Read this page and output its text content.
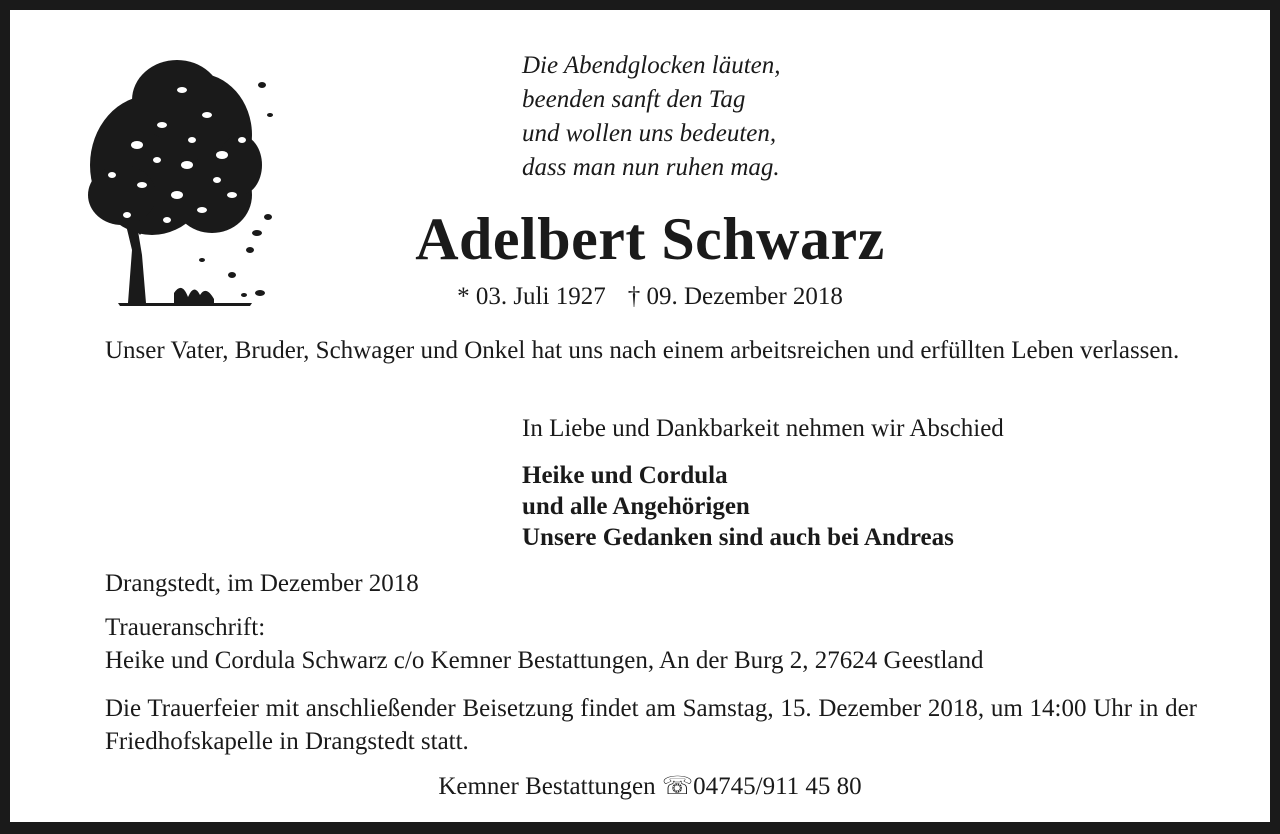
Die Abendglocken läuten,
beenden sanft den Tag
und wollen uns bedeuten,
dass man nun ruhen mag.
Adelbert Schwarz
* 03. Juli 1927 † 09. Dezember 2018
Unser Vater, Bruder, Schwager und Onkel hat uns nach einem arbeitsreichen und erfüllten Leben verlassen.
In Liebe und Dankbarkeit nehmen wir Abschied
Heike und Cordula
und alle Angehörigen
Unsere Gedanken sind auch bei Andreas
Drangstedt, im Dezember 2018
Traueranschrift:
Heike und Cordula Schwarz c/o Kemner Bestattungen, An der Burg 2, 27624 Geestland
Die Trauerfeier mit anschließender Beisetzung findet am Samstag, 15. Dezember 2018, um 14:00 Uhr in der Friedhofskapelle in Drangstedt statt.
Kemner Bestattungen ☏04745/911 45 80
